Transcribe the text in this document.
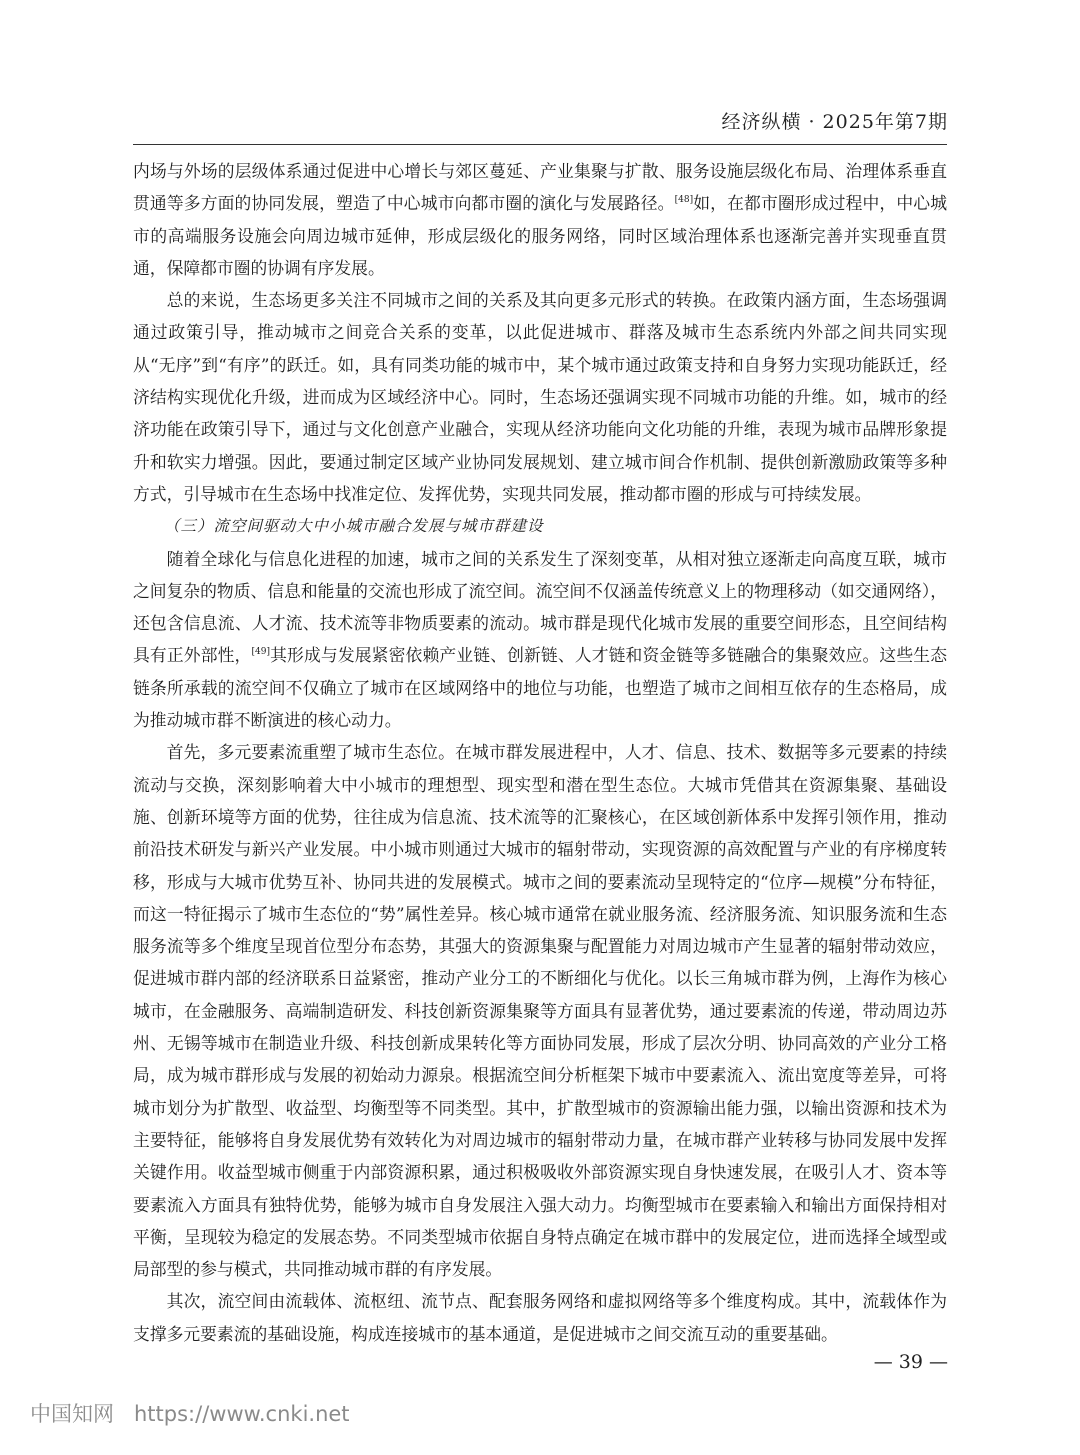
经济纵横 · 2025年第7期

内场与外场的层级体系通过促进中心增长与郊区蔓延、产业集聚与扩散、服务设施层级化布局、治理体系垂直贯通等多方面的协同发展，塑造了中心城市向都市圈的演化与发展路径。[48]如，在都市圈形成过程中，中心城市的高端服务设施会向周边城市延伸，形成层级化的服务网络，同时区域治理体系也逐渐完善并实现垂直贯通，保障都市圈的协调有序发展。

总的来说，生态场更多关注不同城市之间的关系及其向更多元形式的转换。在政策内涵方面，生态场强调通过政策引导，推动城市之间竞合关系的变革，以此促进城市、群落及城市生态系统内外部之间共同实现从“无序”到“有序”的跃迁。如，具有同类功能的城市中，某个城市通过政策支持和自身努力实现功能跃迁，经济结构实现优化升级，进而成为区域经济中心。同时，生态场还强调实现不同城市功能的升维。如，城市的经济功能在政策引导下，通过与文化创意产业融合，实现从经济功能向文化功能的升维，表现为城市品牌形象提升和软实力增强。因此，要通过制定区域产业协同发展规划、建立城市间合作机制、提供创新激励政策等多种方式，引导城市在生态场中找准定位、发挥优势，实现共同发展，推动都市圈的形成与可持续发展。

（三）流空间驱动大中小城市融合发展与城市群建设

随着全球化与信息化进程的加速，城市之间的关系发生了深刻变革，从相对独立逐渐走向高度互联，城市之间复杂的物质、信息和能量的交流也形成了流空间。流空间不仅涵盖传统意义上的物理移动（如交通网络），还包含信息流、人才流、技术流等非物质要素的流动。城市群是现代化城市发展的重要空间形态，且空间结构具有正外部性，[49]其形成与发展紧密依赖产业链、创新链、人才链和资金链等多链融合的集聚效应。这些生态链条所承载的流空间不仅确立了城市在区域网络中的地位与功能，也塑造了城市之间相互依存的生态格局，成为推动城市群不断演进的核心动力。

首先，多元要素流重塑了城市生态位。在城市群发展进程中，人才、信息、技术、数据等多元要素的持续流动与交换，深刻影响着大中小城市的理想型、现实型和潜在型生态位。大城市凭借其在资源集聚、基础设施、创新环境等方面的优势，往往成为信息流、技术流等的汇聚核心，在区域创新体系中发挥引领作用，推动前沿技术研发与新兴产业发展。中小城市则通过大城市的辐射带动，实现资源的高效配置与产业的有序梯度转移，形成与大城市优势互补、协同共进的发展模式。城市之间的要素流动呈现特定的“位序—规模”分布特征，而这一特征揭示了城市生态位的“势”属性差异。核心城市通常在就业服务流、经济服务流、知识服务流和生态服务流等多个维度呈现首位型分布态势，其强大的资源集聚与配置能力对周边城市产生显著的辐射带动效应，促进城市群内部的经济联系日益紧密，推动产业分工的不断细化与优化。以长三角城市群为例，上海作为核心城市，在金融服务、高端制造研发、科技创新资源集聚等方面具有显著优势，通过要素流的传递，带动周边苏州、无锡等城市在制造业升级、科技创新成果转化等方面协同发展，形成了层次分明、协同高效的产业分工格局，成为城市群形成与发展的初始动力源泉。根据流空间分析框架下城市中要素流入、流出宽度等差异，可将城市划分为扩散型、收益型、均衡型等不同类型。其中，扩散型城市的资源输出能力强，以输出资源和技术为主要特征，能够将自身发展优势有效转化为对周边城市的辐射带动力量，在城市群产业转移与协同发展中发挥关键作用。收益型城市侧重于内部资源积累，通过积极吸收外部资源实现自身快速发展，在吸引人才、资本等要素流入方面具有独特优势，能够为城市自身发展注入强大动力。均衡型城市在要素输入和输出方面保持相对平衡，呈现较为稳定的发展态势。不同类型城市依据自身特点确定在城市群中的发展定位，进而选择全域型或局部型的参与模式，共同推动城市群的有序发展。

其次，流空间由流载体、流枢纽、流节点、配套服务网络和虚拟网络等多个维度构成。其中，流载体作为支撑多元要素流的基础设施，构成连接城市的基本通道，是促进城市之间交流互动的重要基础。

— 39 —
中国知网 https://www.cnki.net
